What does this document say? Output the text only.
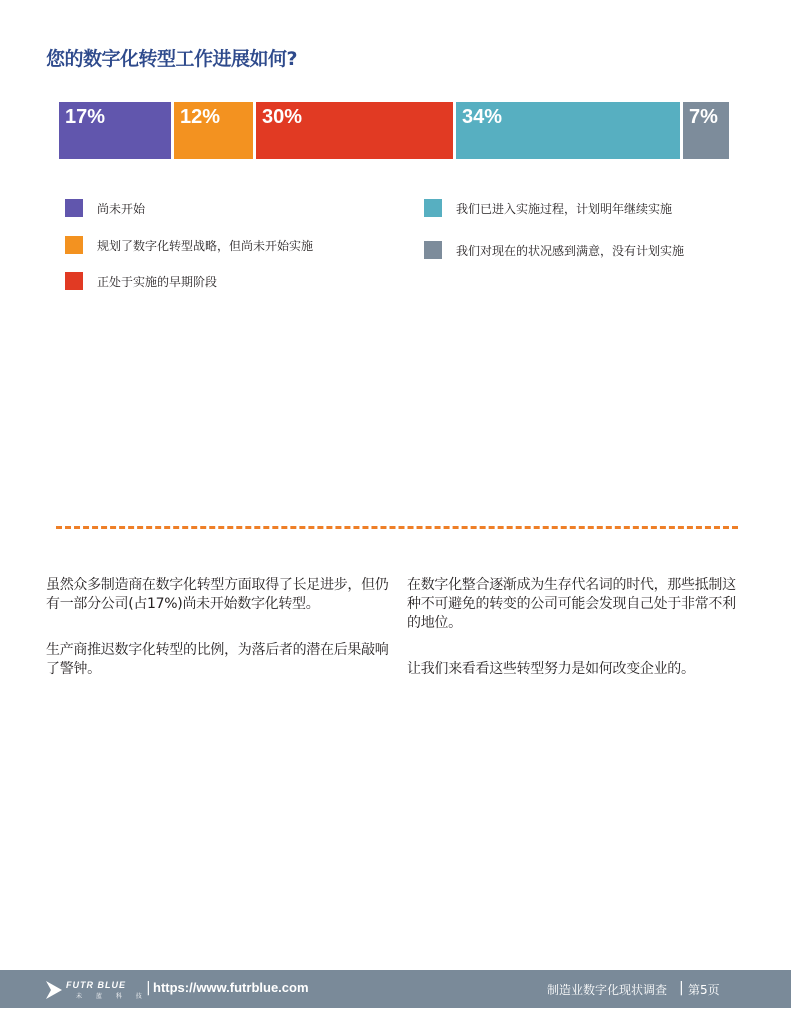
您的数字化转型工作进展如何?
17%	12%	30%	34%	7%
尚未开始
规划了数字化转型战略，但尚未开始实施
正处于实施的早期阶段
我们已进入实施过程，计划明年继续实施
我们对现在的状况感到满意，没有计划实施

虽然众多制造商在数字化转型方面取得了长足进步，但仍有一部分公司(占17%)尚未开始数字化转型。

生产商推迟数字化转型的比例，为落后者的潜在后果敲响了警钟。

在数字化整合逐渐成为生存代名词的时代，那些抵制这种不可避免的转变的公司可能会发现自己处于非常不利的地位。

让我们来看看这些转型努力是如何改变企业的。

FUTR BLUE
未 蓝 科 技
| https://www.futrblue.com	制造业数字化现状调查 | 第5页
